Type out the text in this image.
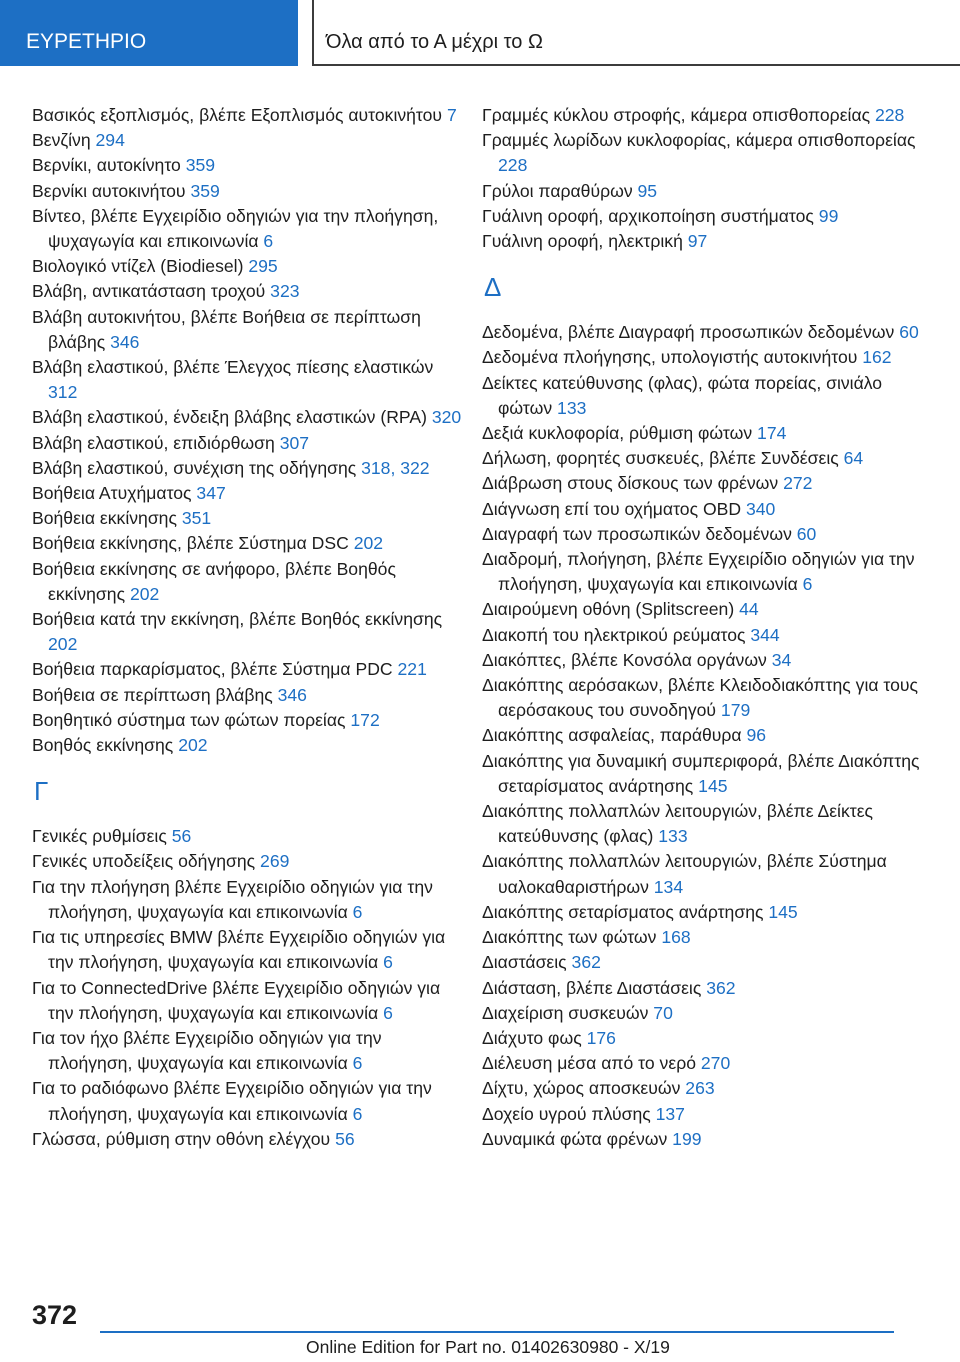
ΕΥΡΕΤΗΡΙΟ	Όλα από το Α μέχρι το Ω

Βασικός εξοπλισμός, βλέπε Εξοπλισμός αυτοκινήτου 7

Βενζίνη 294

Βερνίκι, αυτοκίνητο 359

Βερνίκι αυτοκινήτου 359

Βίντεο, βλέπε Εγχειρίδιο οδηγιών για την πλοήγηση, ψυχαγωγία και επικοινωνία 6

Βιολογικό ντίζελ (Biodiesel) 295

Βλάβη, αντικατάσταση τροχού 323

Βλάβη αυτοκινήτου, βλέπε Βοήθεια σε περίπτωση βλάβης 346

Βλάβη ελαστικού, βλέπε Έλεγχος πίεσης ελαστικών 312

Βλάβη ελαστικού, ένδειξη βλάβης ελαστικών (RPA) 320

Βλάβη ελαστικού, επιδιόρθωση 307

Βλάβη ελαστικού, συνέχιση της οδήγησης 318, 322

Βοήθεια Ατυχήματος 347

Βοήθεια εκκίνησης 351

Βοήθεια εκκίνησης, βλέπε Σύστημα DSC 202

Βοήθεια εκκίνησης σε ανήφορο, βλέπε Βοηθός εκκίνησης 202

Βοήθεια κατά την εκκίνηση, βλέπε Βοηθός εκκίνησης 202

Βοήθεια παρκαρίσματος, βλέπε Σύστημα PDC 221

Βοήθεια σε περίπτωση βλάβης 346

Βοηθητικό σύστημα των φώτων πορείας 172

Βοηθός εκκίνησης 202

Γ

Γενικές ρυθμίσεις 56

Γενικές υποδείξεις οδήγησης 269

Για την πλοήγηση βλέπε Εγχειρίδιο οδηγιών για την πλοήγηση, ψυχαγωγία και επικοινωνία 6

Για τις υπηρεσίες BMW βλέπε Εγχειρίδιο οδηγιών για την πλοήγηση, ψυχαγωγία και επικοινωνία 6

Για το ConnectedDrive βλέπε Εγχειρίδιο οδηγιών για την πλοήγηση, ψυχαγωγία και επικοινωνία 6

Για τον ήχο βλέπε Εγχειρίδιο οδηγιών για την πλοήγηση, ψυχαγωγία και επικοινωνία 6

Για το ραδιόφωνο βλέπε Εγχειρίδιο οδηγιών για την πλοήγηση, ψυχαγωγία και επικοινωνία 6

Γλώσσα, ρύθμιση στην οθόνη ελέγχου 56

Γραμμές κύκλου στροφής, κάμερα οπισθοπορείας 228

Γραμμές λωρίδων κυκλοφορίας, κάμερα οπισθοπορείας 228

Γρύλοι παραθύρων 95

Γυάλινη οροφή, αρχικοποίηση συστήματος 99

Γυάλινη οροφή, ηλεκτρική 97

Δ

Δεδομένα, βλέπε Διαγραφή προσωπικών δεδομένων 60

Δεδομένα πλοήγησης, υπολογιστής αυτοκινήτου 162

Δείκτες κατεύθυνσης (φλας), φώτα πορείας, σινιάλο φώτων 133

Δεξιά κυκλοφορία, ρύθμιση φώτων 174

Δήλωση, φορητές συσκευές, βλέπε Συνδέσεις 64

Διάβρωση στους δίσκους των φρένων 272

Διάγνωση επί του οχήματος OBD 340

Διαγραφή των προσωπικών δεδομένων 60

Διαδρομή, πλοήγηση, βλέπε Εγχειρίδιο οδηγιών για την πλοήγηση, ψυχαγωγία και επικοινωνία 6

Διαιρούμενη οθόνη (Splitscreen) 44

Διακοπή του ηλεκτρικού ρεύματος 344

Διακόπτες, βλέπε Κονσόλα οργάνων 34

Διακόπτης αερόσακων, βλέπε Κλειδοδιακόπτης για τους αερόσακους του συνοδηγού 179

Διακόπτης ασφαλείας, παράθυρα 96

Διακόπτης για δυναμική συμπεριφορά, βλέπε Διακόπτης σεταρίσματος ανάρτησης 145

Διακόπτης πολλαπλών λειτουργιών, βλέπε Δείκτες κατεύθυνσης (φλας) 133

Διακόπτης πολλαπλών λειτουργιών, βλέπε Σύστημα υαλοκαθαριστήρων 134

Διακόπτης σεταρίσματος ανάρτησης 145

Διακόπτης των φώτων 168

Διαστάσεις 362

Διάσταση, βλέπε Διαστάσεις 362

Διαχείριση συσκευών 70

Διάχυτο φως 176

Διέλευση μέσα από το νερό 270

Δίχτυ, χώρος αποσκευών 263

Δοχείο υγρού πλύσης 137

Δυναμικά φώτα φρένων 199

372
Online Edition for Part no. 01402630980 - X/19
